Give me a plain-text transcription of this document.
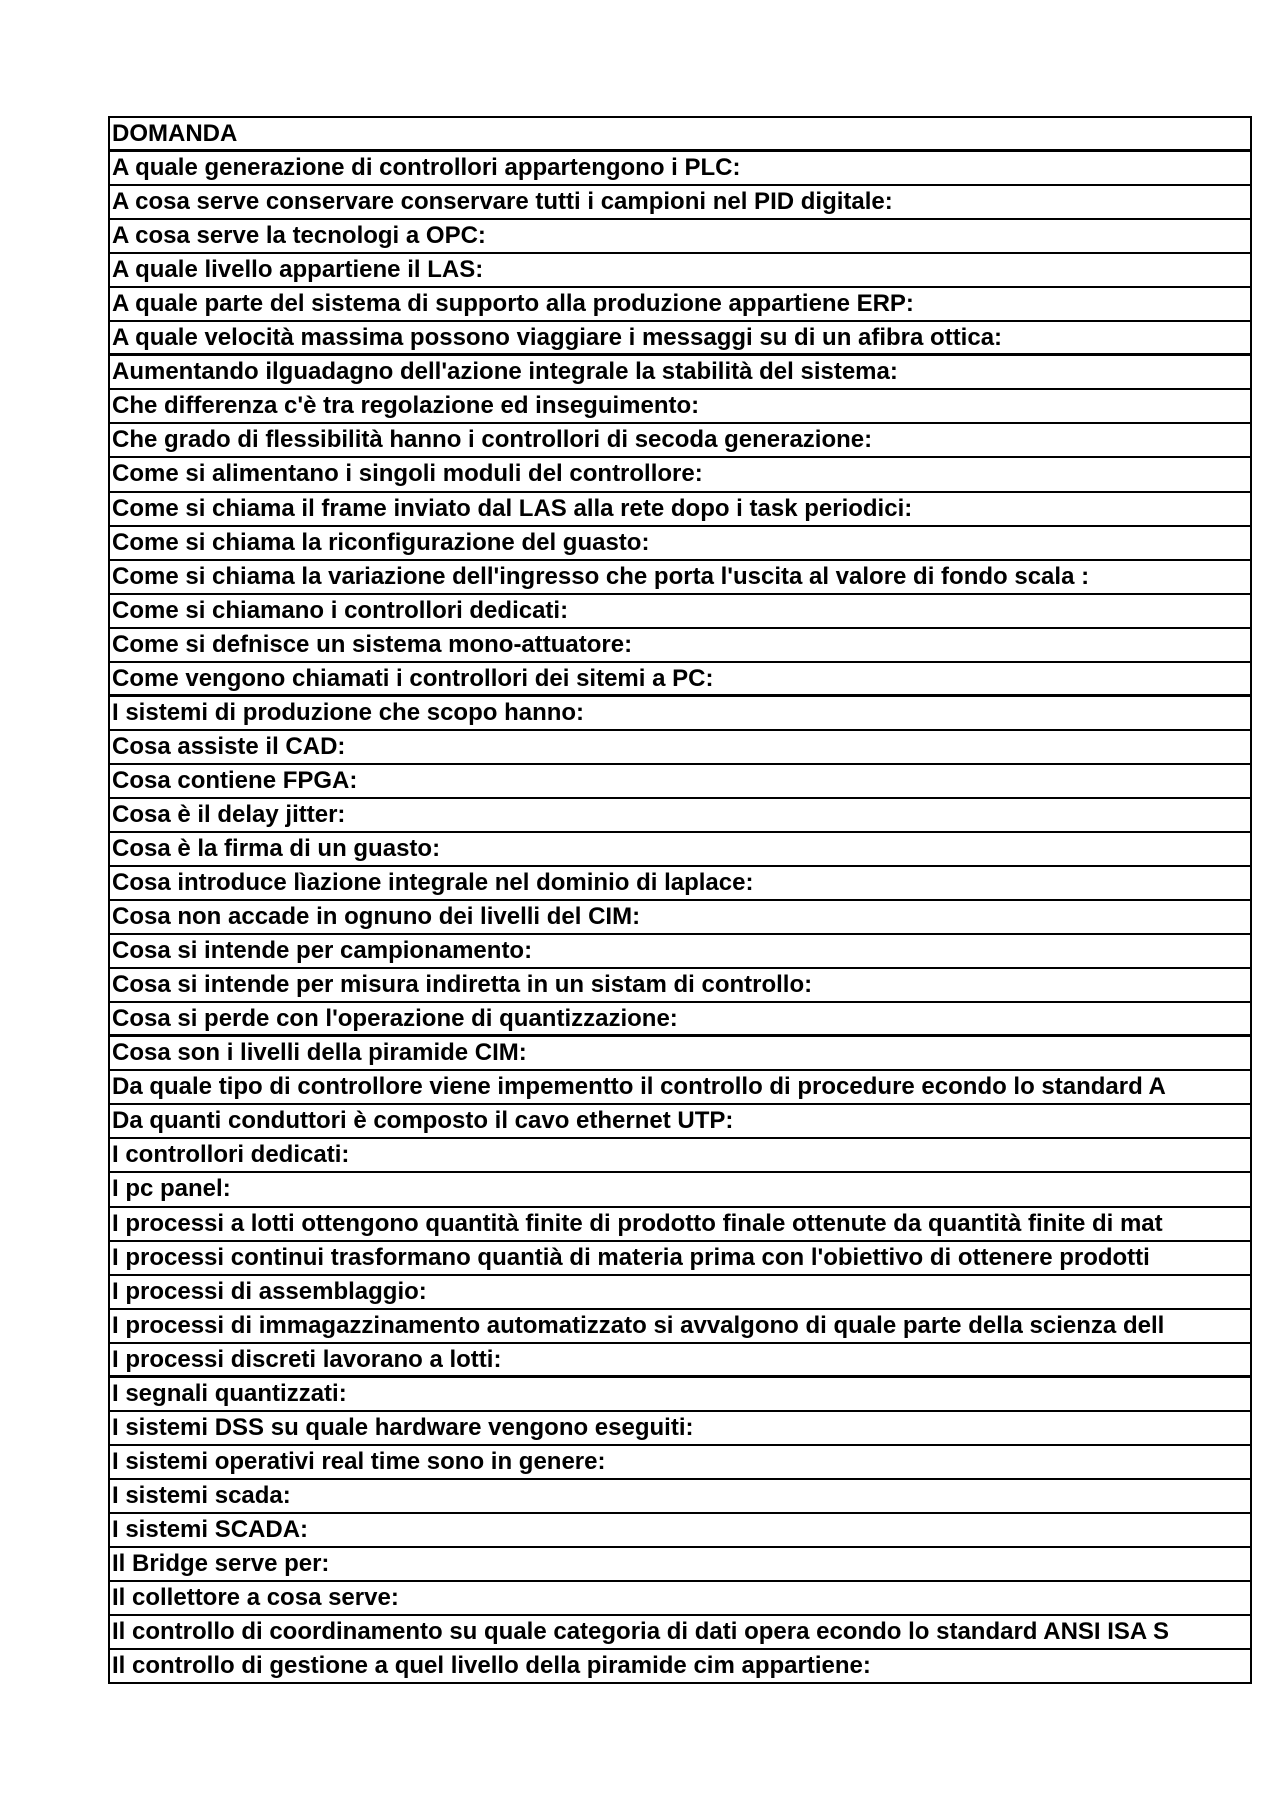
DOMANDA
A quale generazione di controllori appartengono i PLC:
A cosa serve conservare conservare tutti i campioni nel PID digitale:
A cosa serve la tecnologi a OPC:
A quale livello appartiene il LAS:
A quale parte del sistema di supporto alla produzione appartiene ERP:
A quale velocità massima possono viaggiare i messaggi su di un afibra ottica:
Aumentando ilguadagno dell'azione integrale la stabilità del sistema:
Che differenza c'è tra regolazione ed inseguimento:
Che grado di flessibilità hanno i controllori di secoda generazione:
Come si alimentano i singoli moduli del controllore:
Come si chiama il frame inviato dal LAS alla rete dopo i task periodici:
Come si chiama la riconfigurazione del guasto:
Come si chiama la variazione dell'ingresso che porta l'uscita al valore di fondo scala :
Come si chiamano i controllori dedicati:
Come si defnisce un sistema mono-attuatore:
Come vengono chiamati i controllori dei sitemi a PC:
I sistemi di produzione che scopo hanno:
Cosa assiste il CAD:
Cosa contiene FPGA:
Cosa è il delay jitter:
Cosa è la firma di un guasto:
Cosa introduce lìazione integrale nel dominio di laplace:
Cosa non accade in ognuno dei livelli del CIM:
Cosa si intende per campionamento:
Cosa si intende per misura indiretta in un sistam di controllo:
Cosa si perde con l'operazione di quantizzazione:
Cosa son i livelli della piramide CIM:
Da quale tipo di controllore viene impementto il controllo di procedure econdo lo standard A
Da quanti conduttori è composto il cavo ethernet UTP:
I controllori dedicati:
I pc panel:
I processi a lotti ottengono quantità finite di prodotto finale ottenute da quantità finite di mat
I processi continui trasformano quantià di materia prima con l'obiettivo di ottenere prodotti
I processi di assemblaggio:
I processi di immagazzinamento automatizzato si avvalgono di quale parte della scienza dell
I processi discreti lavorano a lotti:
I segnali quantizzati:
I sistemi DSS su quale hardware vengono eseguiti:
I sistemi operativi real time sono in genere:
I sistemi scada:
I sistemi SCADA:
Il Bridge serve per:
Il collettore a cosa serve:
Il controllo di coordinamento su quale categoria di dati opera econdo lo standard ANSI ISA S
Il controllo di gestione a quel livello della piramide cim appartiene:
